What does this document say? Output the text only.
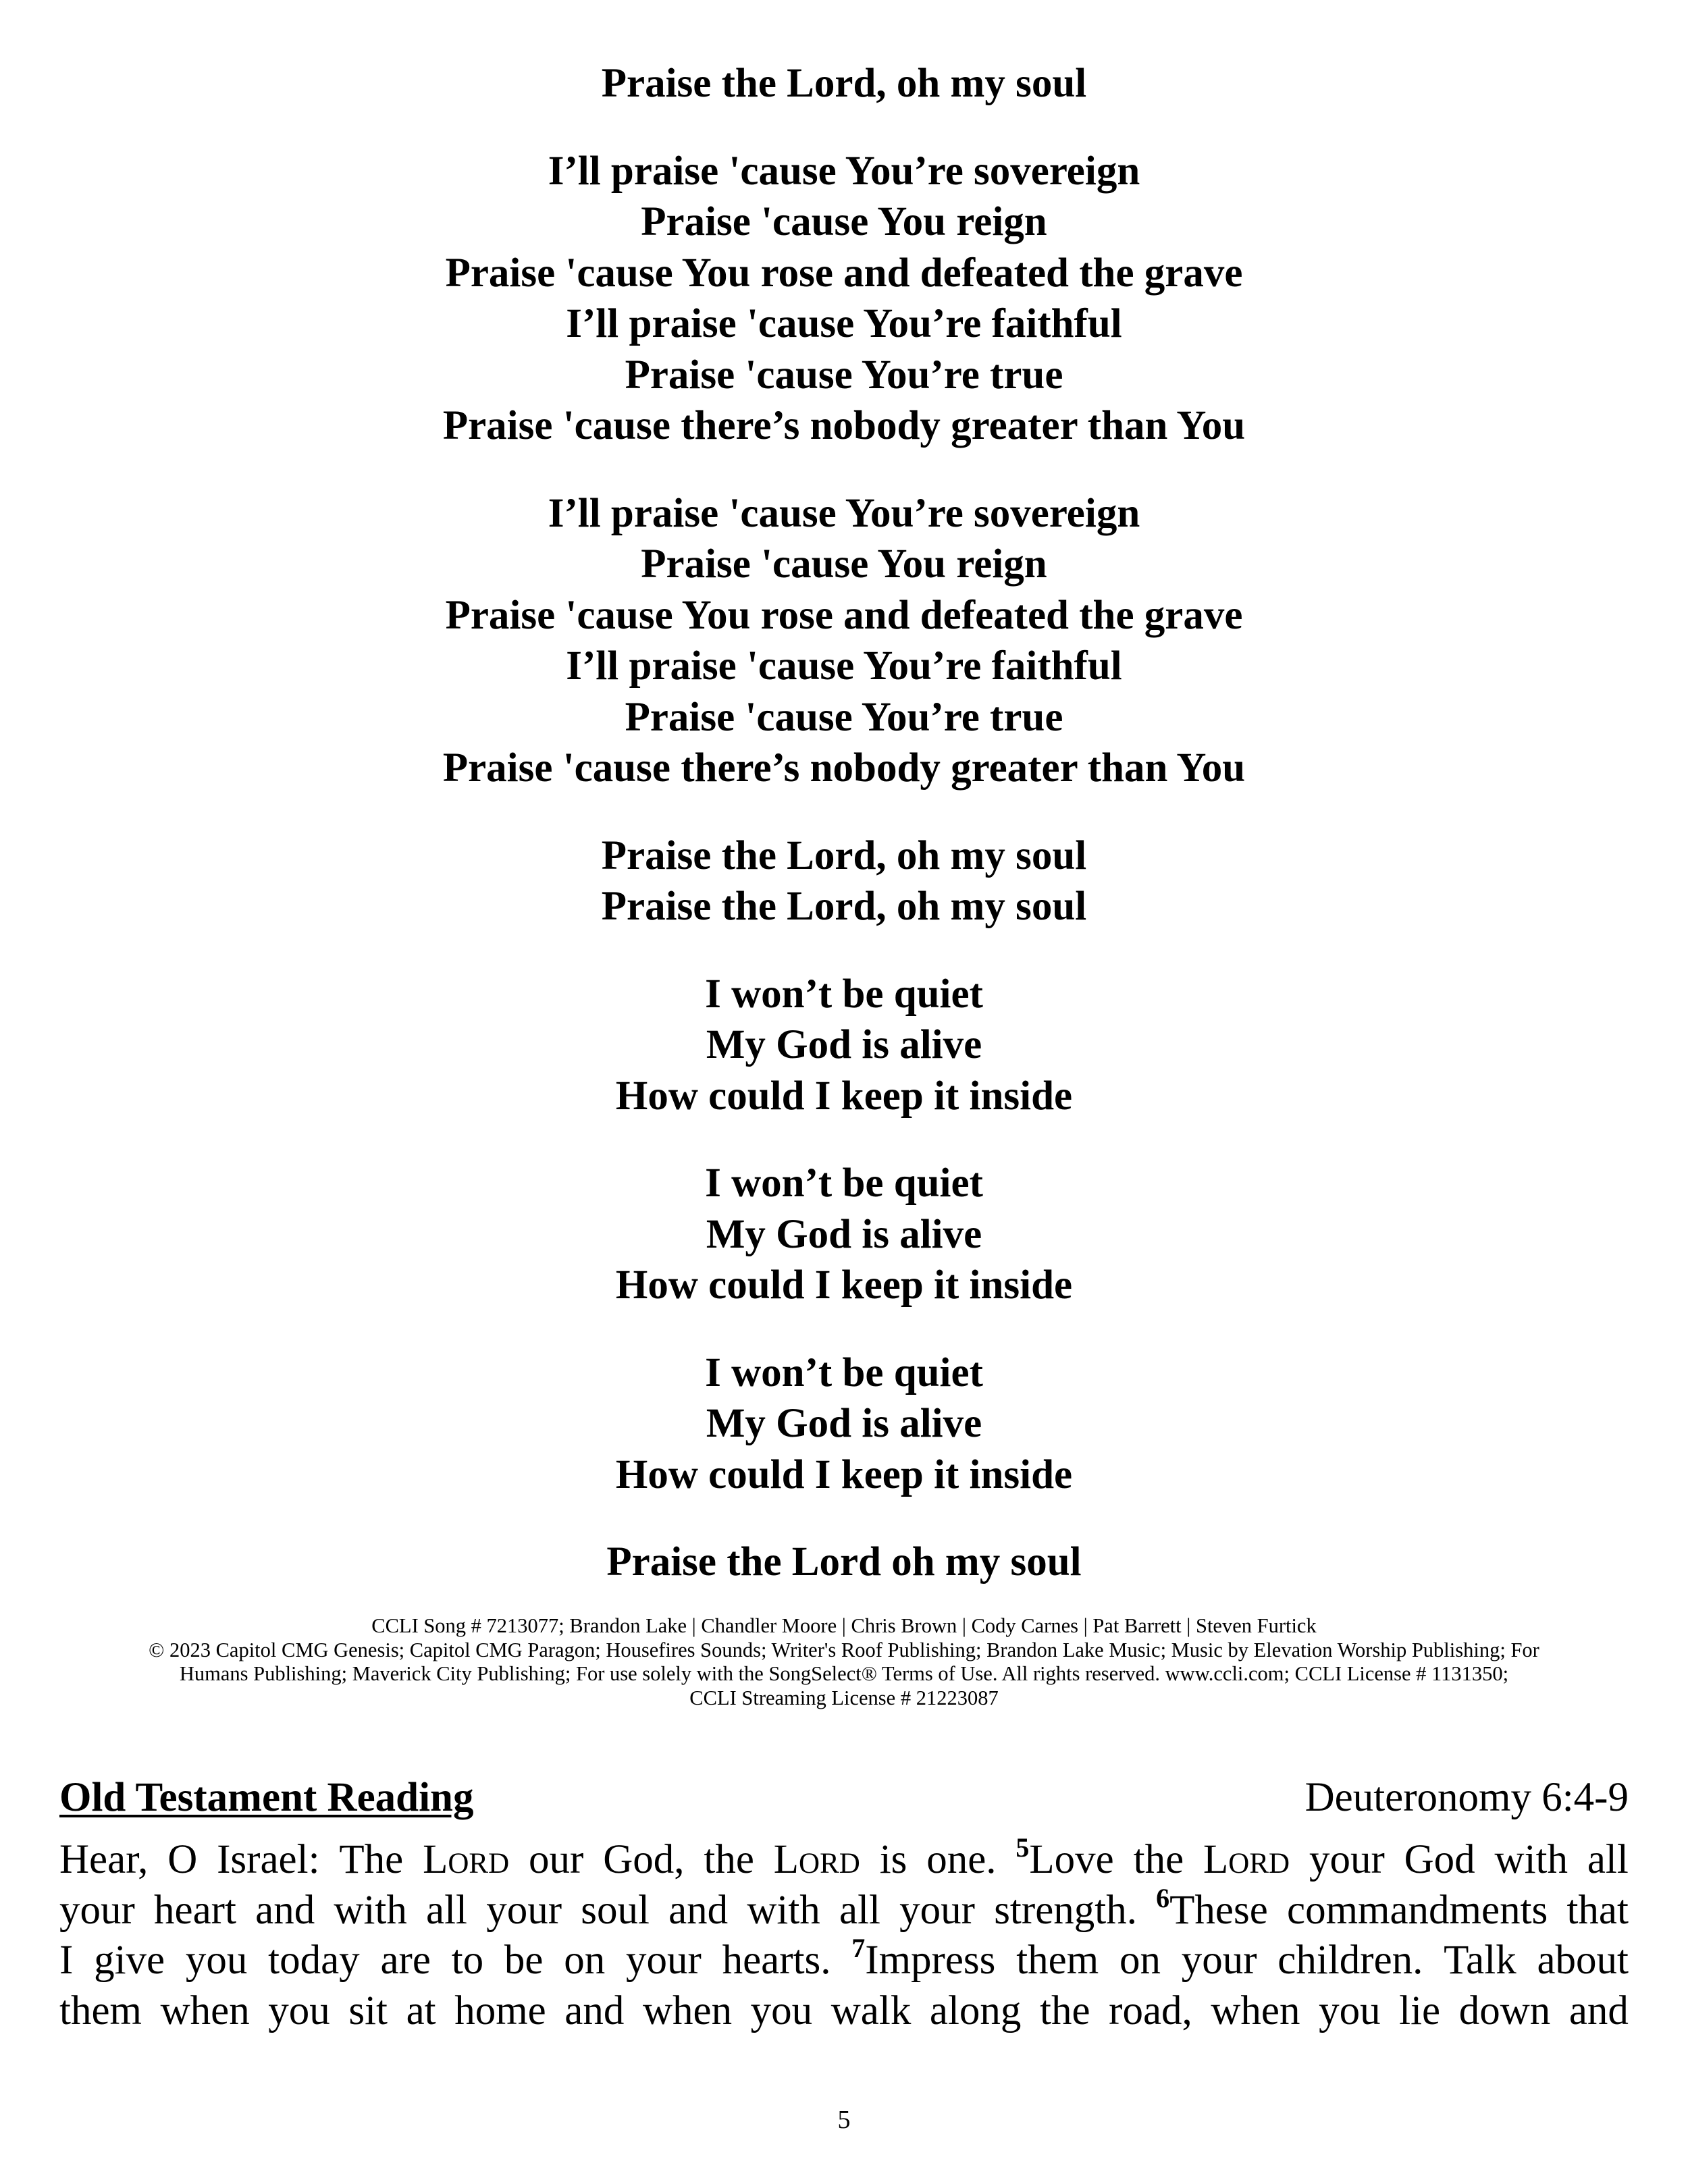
Praise the Lord, oh my soul
I’ll praise 'cause You’re sovereign
Praise 'cause You reign
Praise 'cause You rose and defeated the grave
I’ll praise 'cause You’re faithful
Praise 'cause You’re true
Praise 'cause there’s nobody greater than You
I’ll praise 'cause You’re sovereign
Praise 'cause You reign
Praise 'cause You rose and defeated the grave
I’ll praise 'cause You’re faithful
Praise 'cause You’re true
Praise 'cause there’s nobody greater than You
Praise the Lord, oh my soul
Praise the Lord, oh my soul
I won’t be quiet
My God is alive
How could I keep it inside
I won’t be quiet
My God is alive
How could I keep it inside
I won’t be quiet
My God is alive
How could I keep it inside
Praise the Lord oh my soul
CCLI Song # 7213077; Brandon Lake | Chandler Moore | Chris Brown | Cody Carnes | Pat Barrett | Steven Furtick
© 2023 Capitol CMG Genesis; Capitol CMG Paragon; Housefires Sounds; Writer's Roof Publishing; Brandon Lake Music; Music by Elevation Worship Publishing; For
Humans Publishing; Maverick City Publishing; For use solely with the SongSelect® Terms of Use. All rights reserved. www.ccli.com; CCLI License # 1131350;
CCLI Streaming License # 21223087
Old Testament Reading	Deuteronomy 6:4-9
Hear, O Israel: The Lord our God, the Lord is one. $^5$Love the Lord your God with all
your heart and with all your soul and with all your strength. $^6$These commandments that
I give you today are to be on your hearts. $^7$Impress them on your children. Talk about
them when you sit at home and when you walk along the road, when you lie down and
5
